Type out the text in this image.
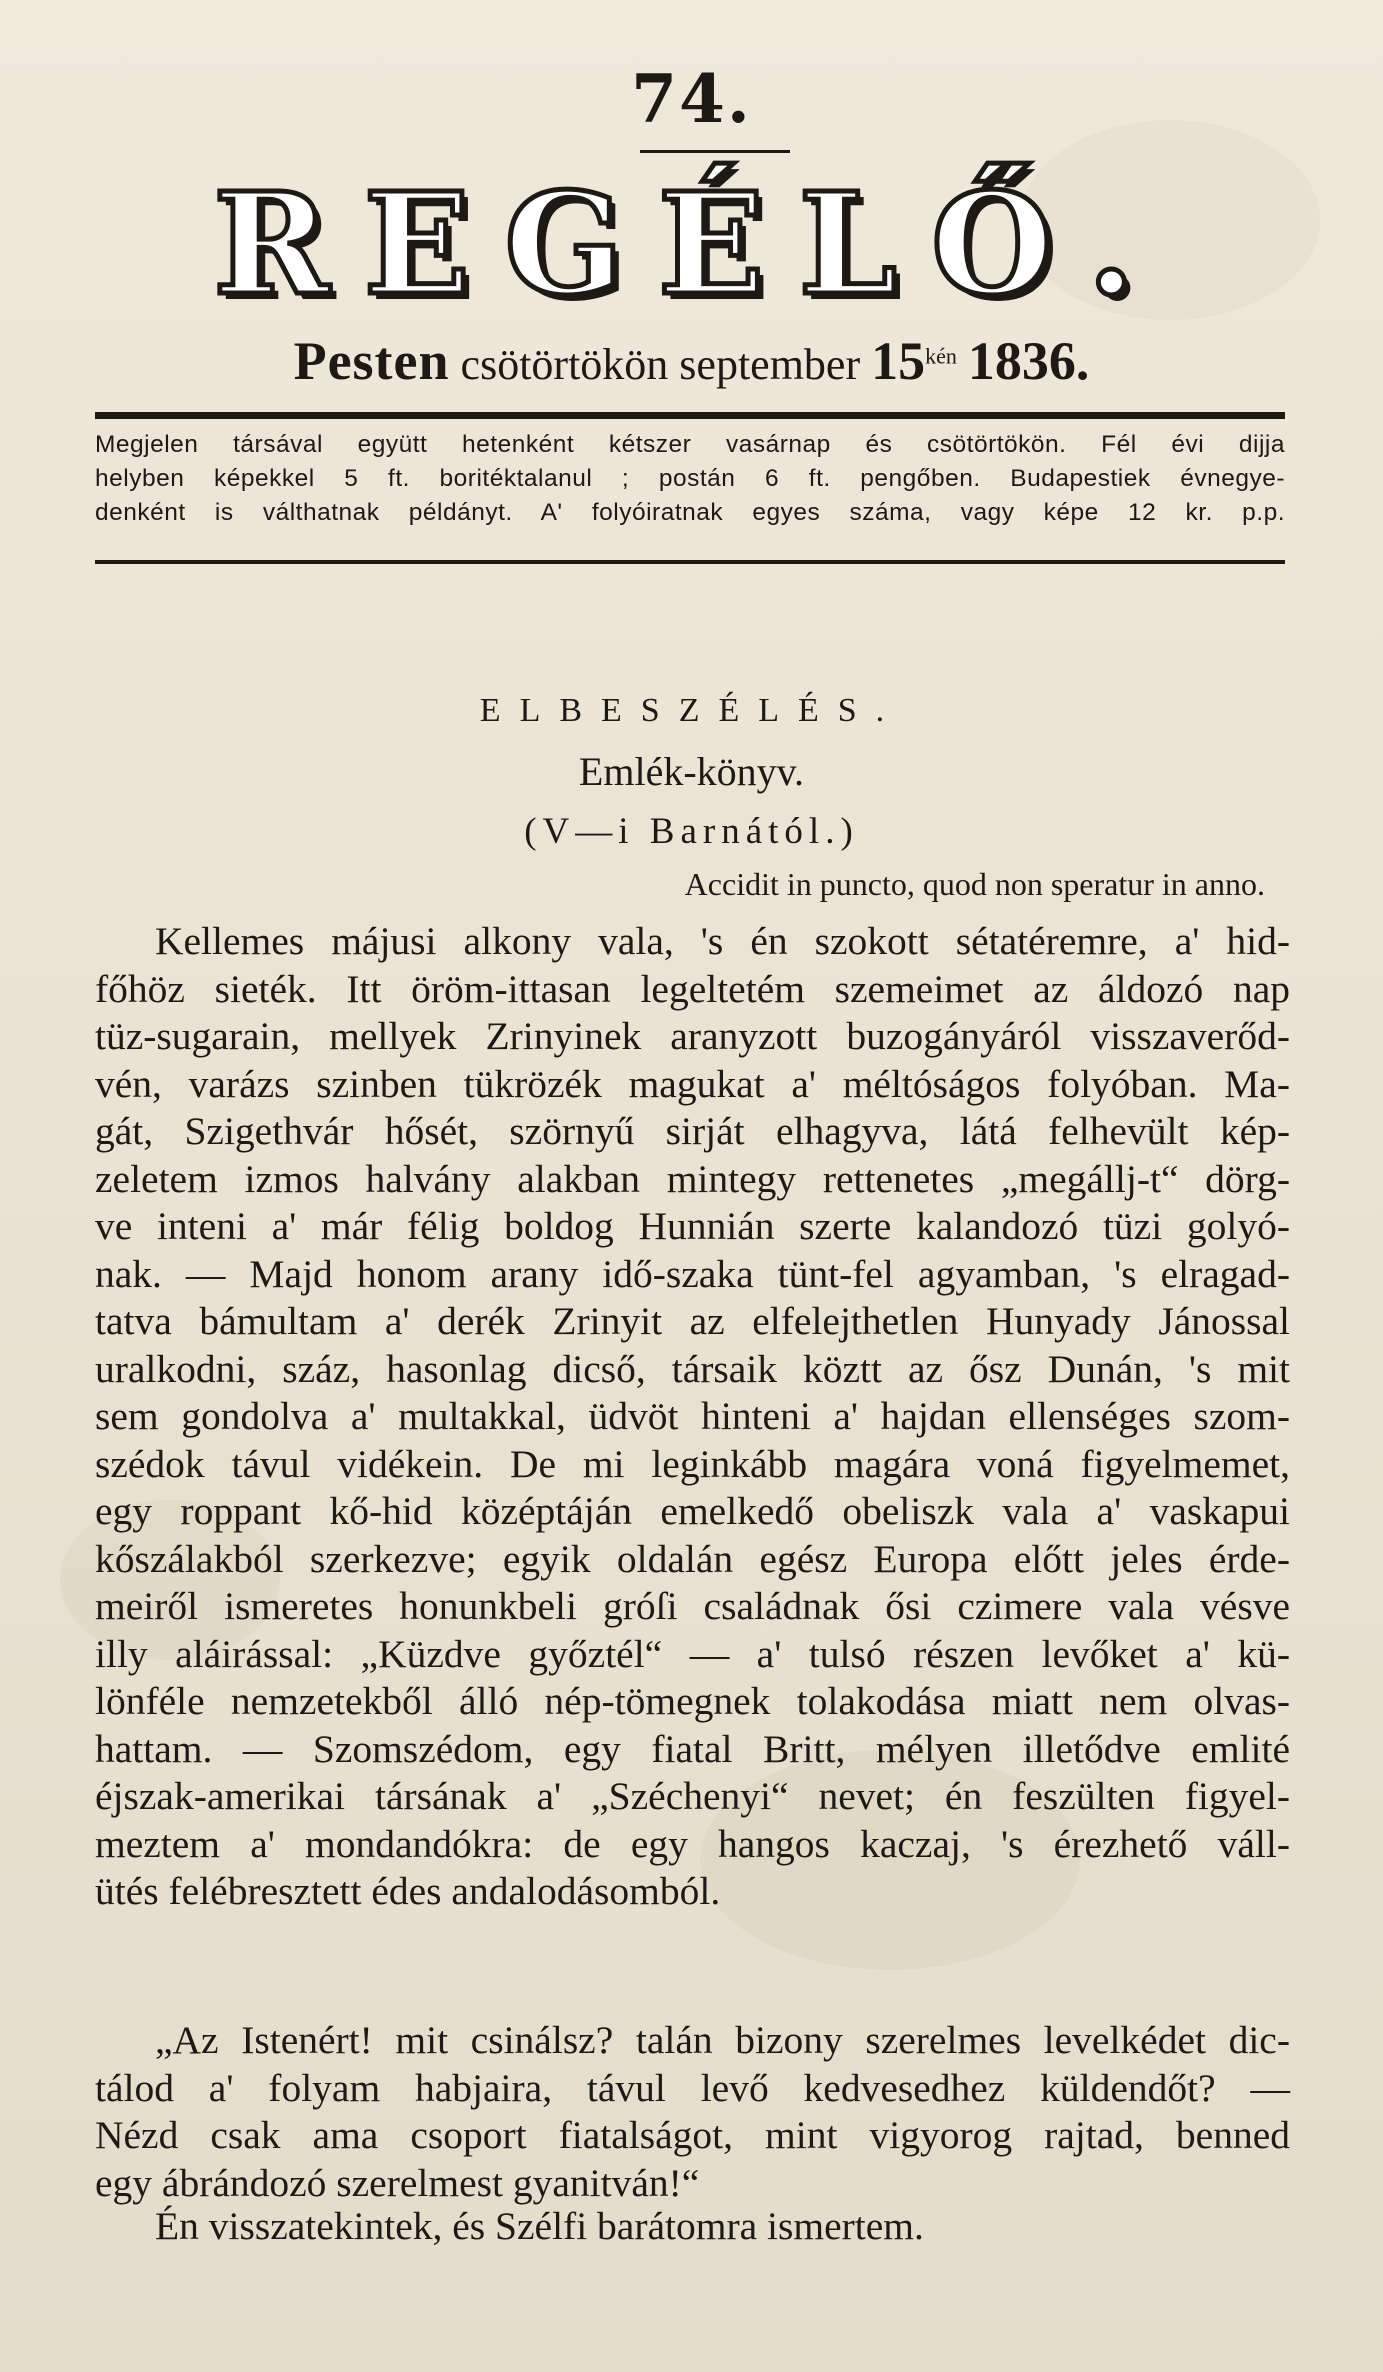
74.
REGÉLŐ.
Pesten csötörtökön september $15^{kén}$ 1836.
Megjelen társával együtt hetenként kétszer vasárnap és csötörtökön. Fél évi dijja
helyben képekkel 5 ft. boritéktalanul ; postán 6 ft. pengőben. Budapestiek évnegye-
denként is válthatnak példányt. A' folyóiratnak egyes száma, vagy képe 12 kr. p.p.
ELBESZÉLÉS.
Emlék-könyv.
(V—i Barnától.)
Accidit in puncto, quod non speratur in anno.
Kellemes májusi alkony vala, 's én szokott sétatéremre, a' hid-
főhöz sieték. Itt öröm-ittasan legeltetém szemeimet az áldozó nap
tüz-sugarain, mellyek Zrinyinek aranyzott buzogányáról visszaverőd-
vén, varázs szinben tükrözék magukat a' méltóságos folyóban. Ma-
gát, Szigethvár hősét, szörnyű sirját elhagyva, látá felhevült kép-
zeletem izmos halvány alakban mintegy rettenetes „megállj-t“ dörg-
ve inteni a' már félig boldog Hunnián szerte kalandozó tüzi golyó-
nak. — Majd honom arany idő-szaka tünt-fel agyamban, 's elragad-
tatva bámultam a' derék Zrinyit az elfelejthetlen Hunyady Jánossal
uralkodni, száz, hasonlag dicső, társaik köztt az ősz Dunán, 's mit
sem gondolva a' multakkal, üdvöt hinteni a' hajdan ellenséges szom-
szédok távul vidékein. De mi leginkább magára voná figyelmemet,
egy roppant kő-hid középtáján emelkedő obeliszk vala a' vaskapui
kőszálakból szerkezve; egyik oldalán egész Europa előtt jeles érde-
meiről ismeretes honunkbeli gróſi családnak ősi czimere vala vésve
illy aláirással: „Küzdve győztél“ — a' tulsó részen levőket a' kü-
lönféle nemzetekből álló nép-tömegnek tolakodása miatt nem olvas-
hattam. — Szomszédom, egy fiatal Britt, mélyen illetődve emlité
éjszak-amerikai társának a' „Széchenyi“ nevet; én feszülten figyel-
meztem a' mondandókra: de egy hangos kaczaj, 's érezhető váll-
ütés felébresztett édes andalodásomból.
„Az Istenért! mit csinálsz? talán bizony szerelmes levelkédet dic-
tálod a' folyam habjaira, távul levő kedvesedhez küldendőt? —
Nézd csak ama csoport fiatalságot, mint vigyorog rajtad, benned
egy ábrándozó szerelmest gyanitván!“
Én visszatekintek, és Szélfi barátomra ismertem.
